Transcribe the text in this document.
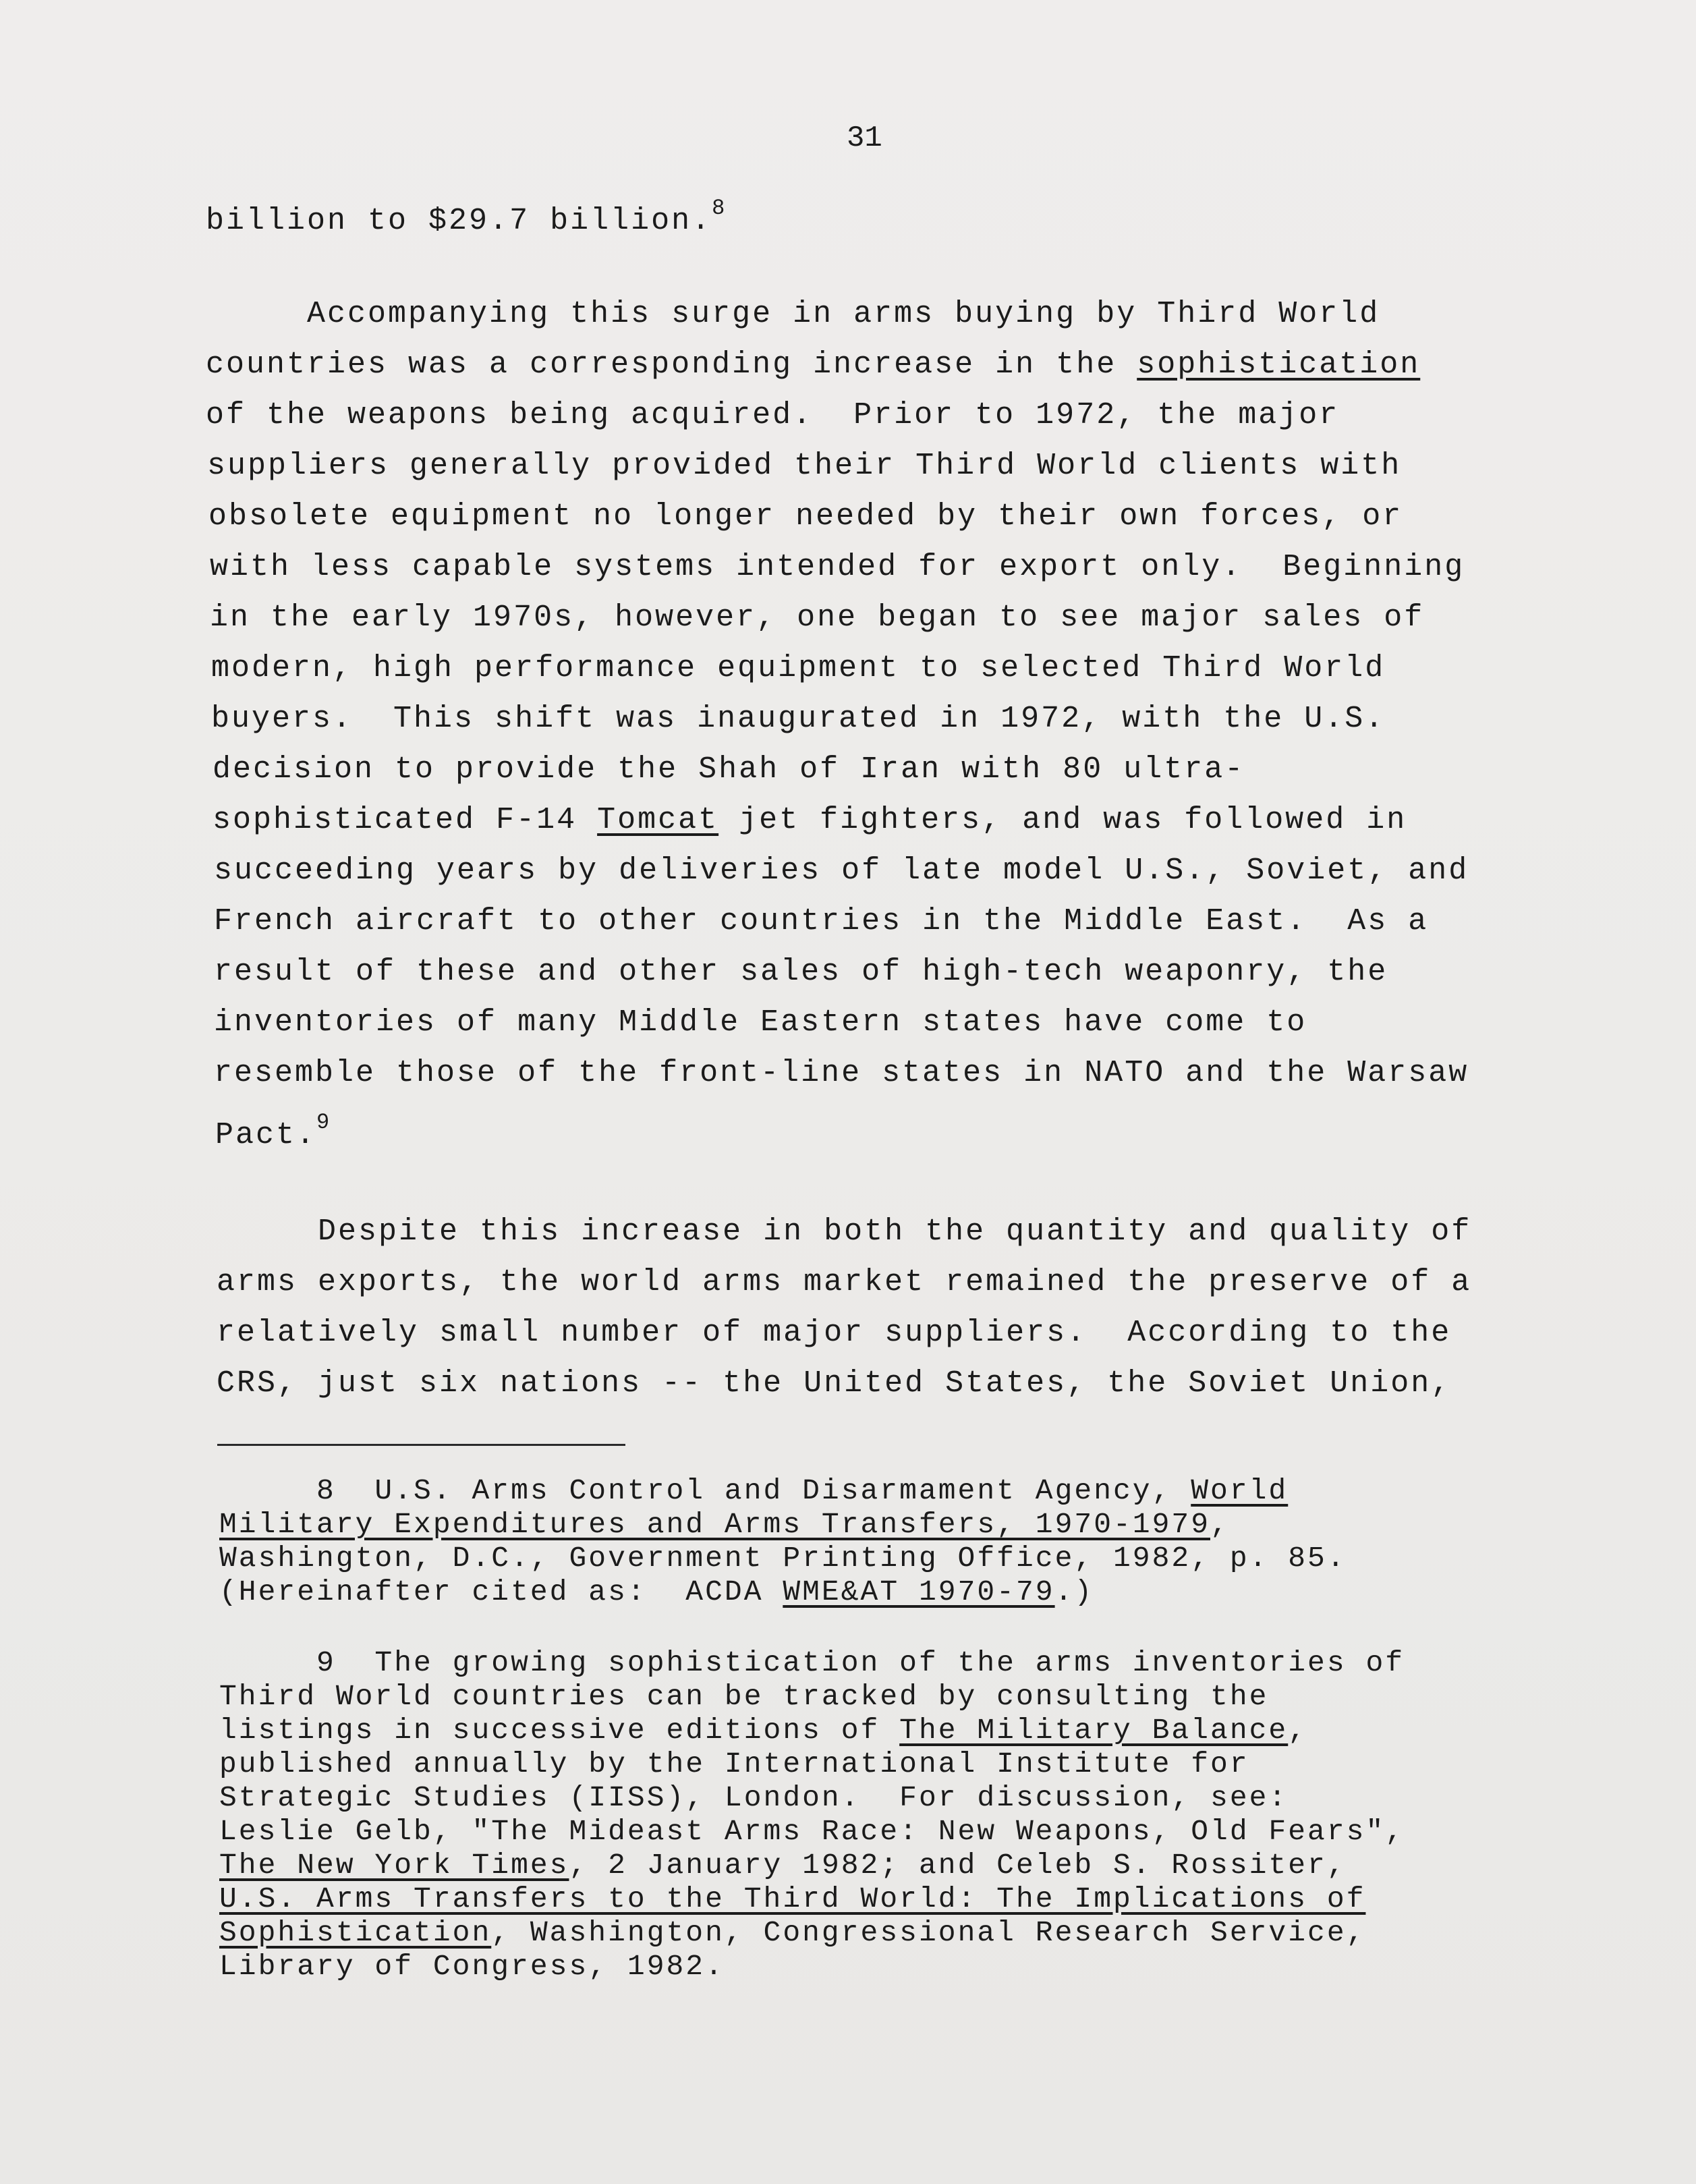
31
billion to $29.7 billion.$^8$
Accompanying this surge in arms buying by Third World
countries was a corresponding increase in the sophistication
of the weapons being acquired.  Prior to 1972, the major
suppliers generally provided their Third World clients with
obsolete equipment no longer needed by their own forces, or
with less capable systems intended for export only.  Beginning
in the early 1970s, however, one began to see major sales of
modern, high performance equipment to selected Third World
buyers.  This shift was inaugurated in 1972, with the U.S.
decision to provide the Shah of Iran with 80 ultra-
sophisticated F-14 Tomcat jet fighters, and was followed in
succeeding years by deliveries of late model U.S., Soviet, and
French aircraft to other countries in the Middle East.  As a
result of these and other sales of high-tech weaponry, the
inventories of many Middle Eastern states have come to
resemble those of the front-line states in NATO and the Warsaw
Pact.$^9$
Despite this increase in both the quantity and quality of
arms exports, the world arms market remained the preserve of a
relatively small number of major suppliers.  According to the
CRS, just six nations -- the United States, the Soviet Union,
8  U.S. Arms Control and Disarmament Agency, World
Military Expenditures and Arms Transfers, 1970-1979,
Washington, D.C., Government Printing Office, 1982, p. 85.
(Hereinafter cited as:  ACDA WME&AT 1970-79.)
9  The growing sophistication of the arms inventories of
Third World countries can be tracked by consulting the
listings in successive editions of The Military Balance,
published annually by the International Institute for
Strategic Studies (IISS), London.  For discussion, see:
Leslie Gelb, "The Mideast Arms Race: New Weapons, Old Fears",
The New York Times, 2 January 1982; and Celeb S. Rossiter,
U.S. Arms Transfers to the Third World: The Implications of
Sophistication, Washington, Congressional Research Service,
Library of Congress, 1982.
